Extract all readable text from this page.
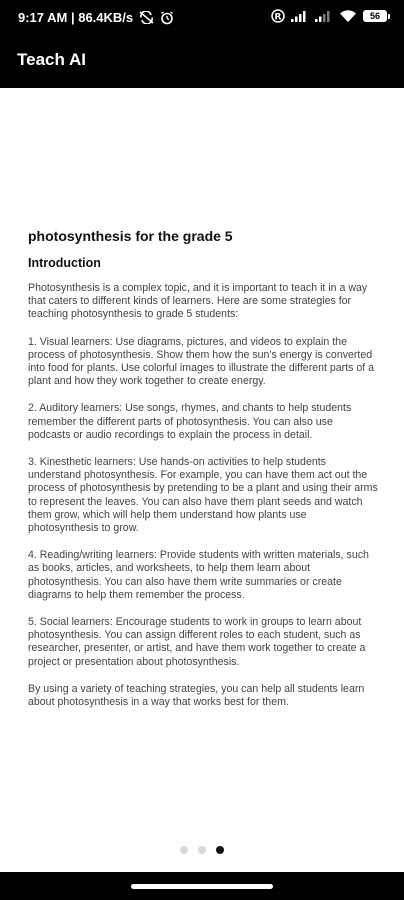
9:17 AM | 86.4KB/s	R	56
Teach AI
photosynthesis for the grade 5
Introduction

Photosynthesis is a complex topic, and it is important to teach it in a way that caters to different kinds of learners. Here are some strategies for teaching photosynthesis to grade 5 students:

1. Visual learners: Use diagrams, pictures, and videos to explain the process of photosynthesis. Show them how the sun's energy is converted into food for plants. Use colorful images to illustrate the different parts of a plant and how they work together to create energy.

2. Auditory learners: Use songs, rhymes, and chants to help students remember the different parts of photosynthesis. You can also use podcasts or audio recordings to explain the process in detail.

3. Kinesthetic learners: Use hands-on activities to help students understand photosynthesis. For example, you can have them act out the process of photosynthesis by pretending to be a plant and using their arms to represent the leaves. You can also have them plant seeds and watch them grow, which will help them understand how plants use photosynthesis to grow.

4. Reading/writing learners: Provide students with written materials, such as books, articles, and worksheets, to help them learn about photosynthesis. You can also have them write summaries or create diagrams to help them remember the process.

5. Social learners: Encourage students to work in groups to learn about photosynthesis. You can assign different roles to each student, such as researcher, presenter, or artist, and have them work together to create a project or presentation about photosynthesis.

By using a variety of teaching strategies, you can help all students learn about photosynthesis in a way that works best for them.
